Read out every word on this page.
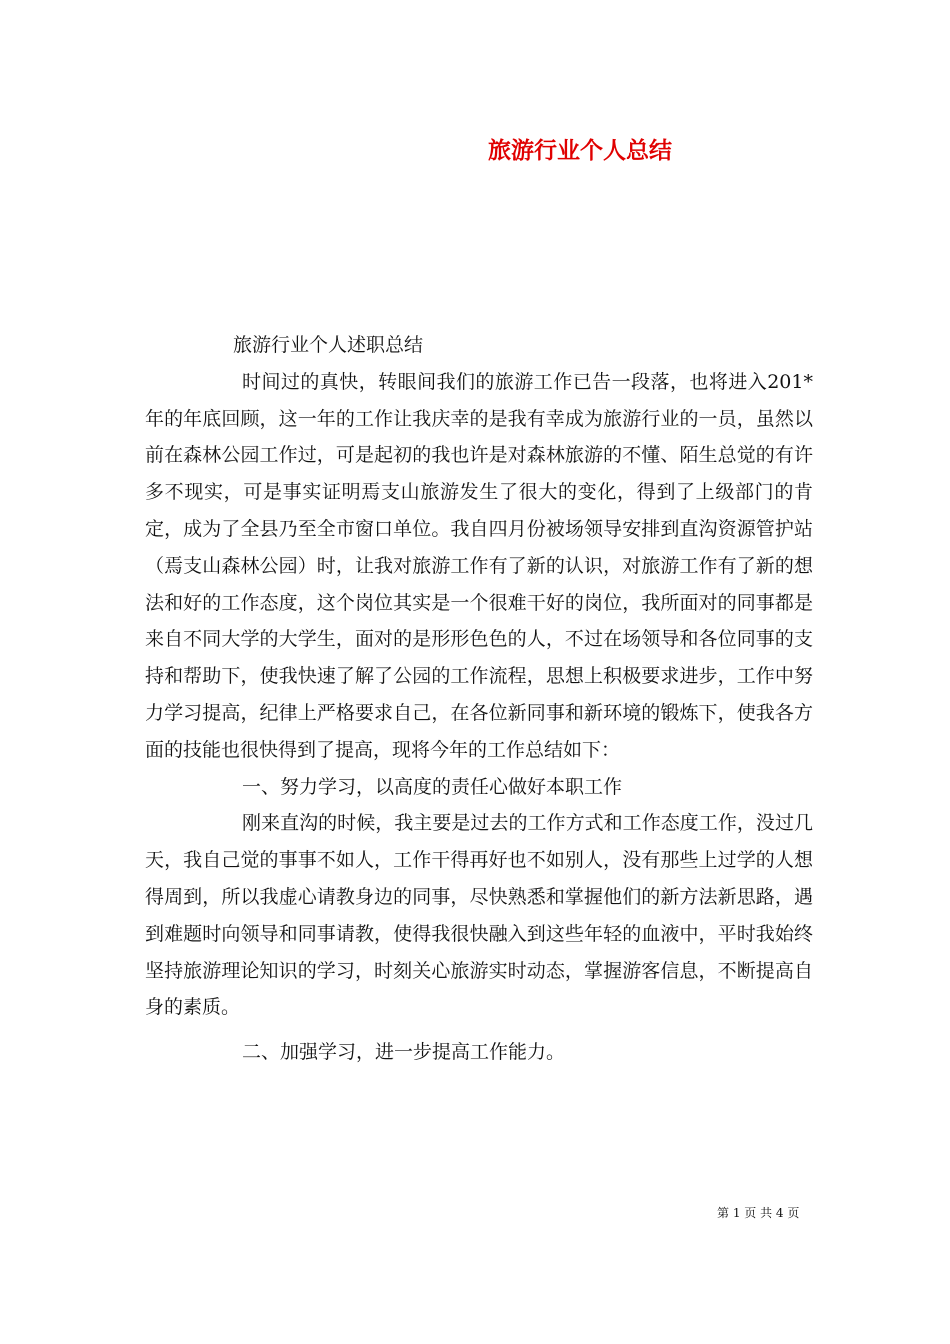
旅游行业个人总结

旅游行业个人述职总结

时间过的真快，转眼间我们的旅游工作已告一段落，也将进入201*年的年底回顾，这一年的工作让我庆幸的是我有幸成为旅游行业的一员，虽然以前在森林公园工作过，可是起初的我也许是对森林旅游的不懂、陌生总觉的有许多不现实，可是事实证明焉支山旅游发生了很大的变化，得到了上级部门的肯定，成为了全县乃至全市窗口单位。我自四月份被场领导安排到直沟资源管护站（焉支山森林公园）时，让我对旅游工作有了新的认识，对旅游工作有了新的想法和好的工作态度，这个岗位其实是一个很难干好的岗位，我所面对的同事都是来自不同大学的大学生，面对的是形形色色的人，不过在场领导和各位同事的支持和帮助下，使我快速了解了公园的工作流程，思想上积极要求进步，工作中努力学习提高，纪律上严格要求自己，在各位新同事和新环境的锻炼下，使我各方面的技能也很快得到了提高，现将今年的工作总结如下：

一、努力学习，以高度的责任心做好本职工作

刚来直沟的时候，我主要是过去的工作方式和工作态度工作，没过几天，我自己觉的事事不如人，工作干得再好也不如别人，没有那些上过学的人想得周到，所以我虚心请教身边的同事，尽快熟悉和掌握他们的新方法新思路，遇到难题时向领导和同事请教，使得我很快融入到这些年轻的血液中，平时我始终坚持旅游理论知识的学习，时刻关心旅游实时动态，掌握游客信息，不断提高自身的素质。

二、加强学习，进一步提高工作能力。

第 1 页 共 4 页
